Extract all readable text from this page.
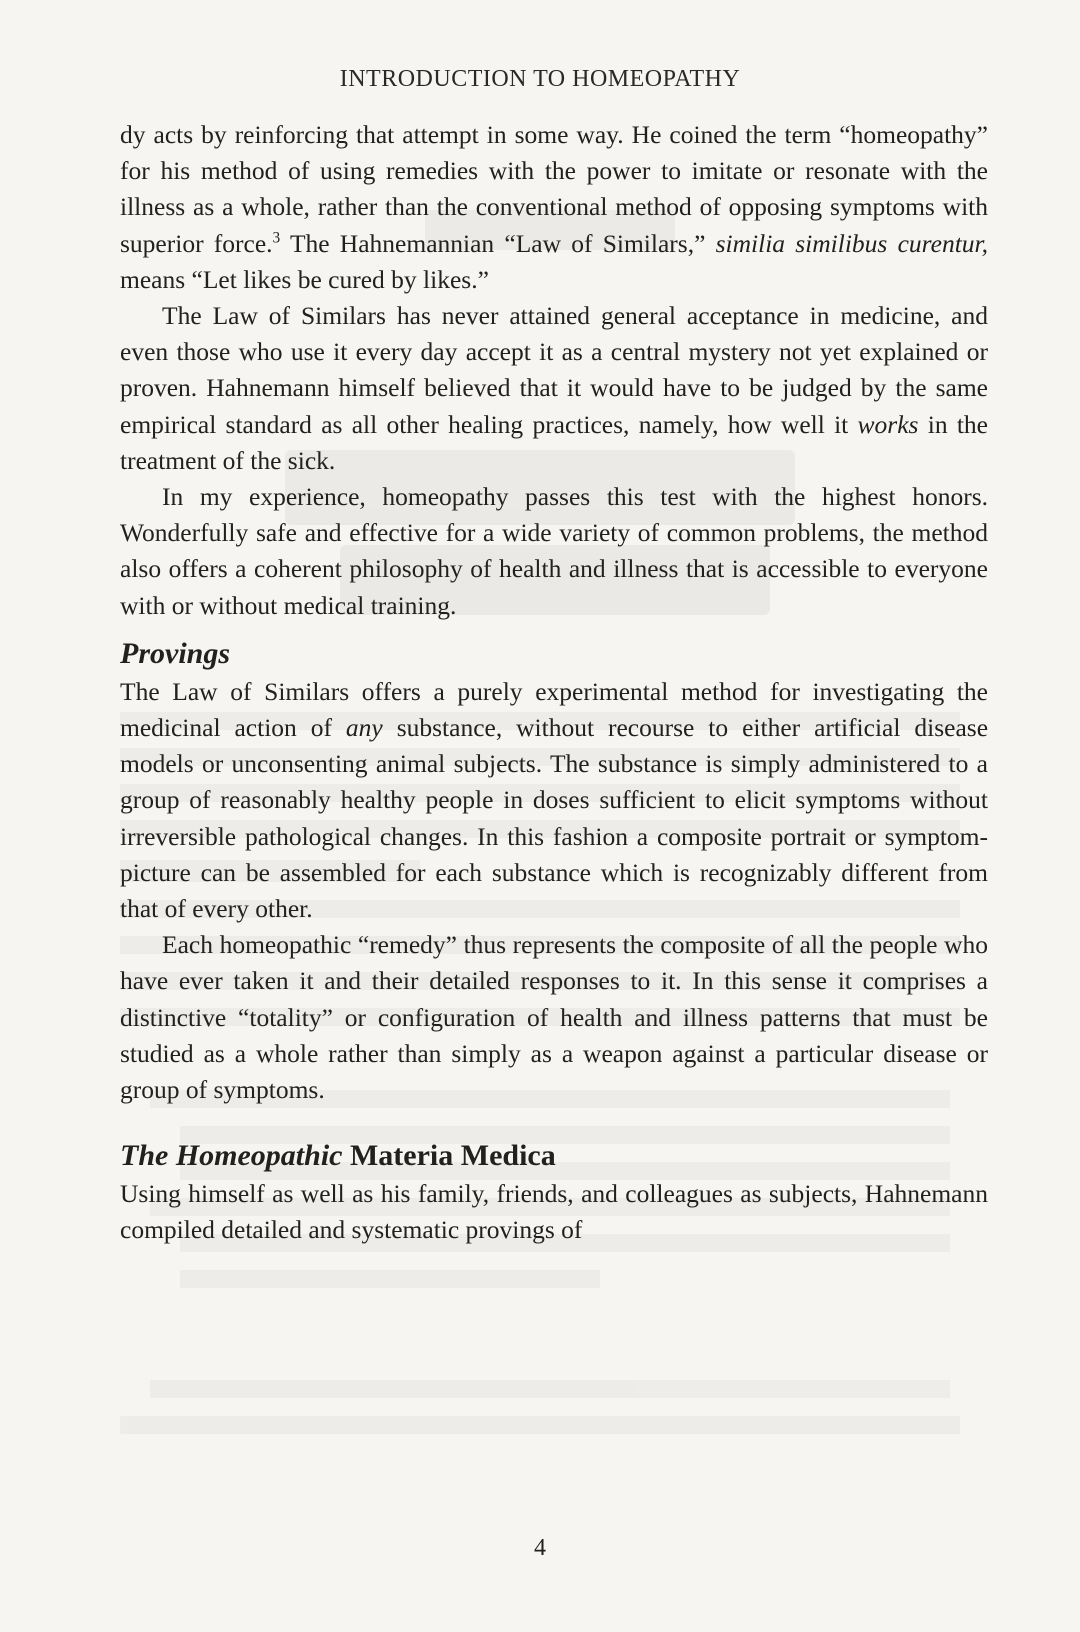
INTRODUCTION TO HOMEOPATHY

dy acts by reinforcing that attempt in some way. He coined the term “homeopathy” for his method of using remedies with the power to imitate or resonate with the illness as a whole, rather than the conventional method of opposing symptoms with superior force.$^3$ The Hahnemannian “Law of Similars,” similia similibus curentur, means “Let likes be cured by likes.”

The Law of Similars has never attained general acceptance in medicine, and even those who use it every day accept it as a central mystery not yet explained or proven. Hahnemann himself believed that it would have to be judged by the same empirical standard as all other healing practices, namely, how well it works in the treatment of the sick.

In my experience, homeopathy passes this test with the highest honors. Wonderfully safe and effective for a wide variety of common problems, the method also offers a coherent philosophy of health and illness that is accessible to everyone with or without medical training.

Provings

The Law of Similars offers a purely experimental method for investigating the medicinal action of any substance, without recourse to either artificial disease models or unconsenting animal subjects. The substance is simply administered to a group of reasonably healthy people in doses sufficient to elicit symptoms without irreversible pathological changes. In this fashion a composite portrait or symptom-picture can be assembled for each substance which is recognizably different from that of every other.

Each homeopathic “remedy” thus represents the composite of all the people who have ever taken it and their detailed responses to it. In this sense it comprises a distinctive “totality” or configuration of health and illness patterns that must be studied as a whole rather than simply as a weapon against a particular disease or group of symptoms.

The Homeopathic Materia Medica

Using himself as well as his family, friends, and colleagues as subjects, Hahnemann compiled detailed and systematic provings of

4
